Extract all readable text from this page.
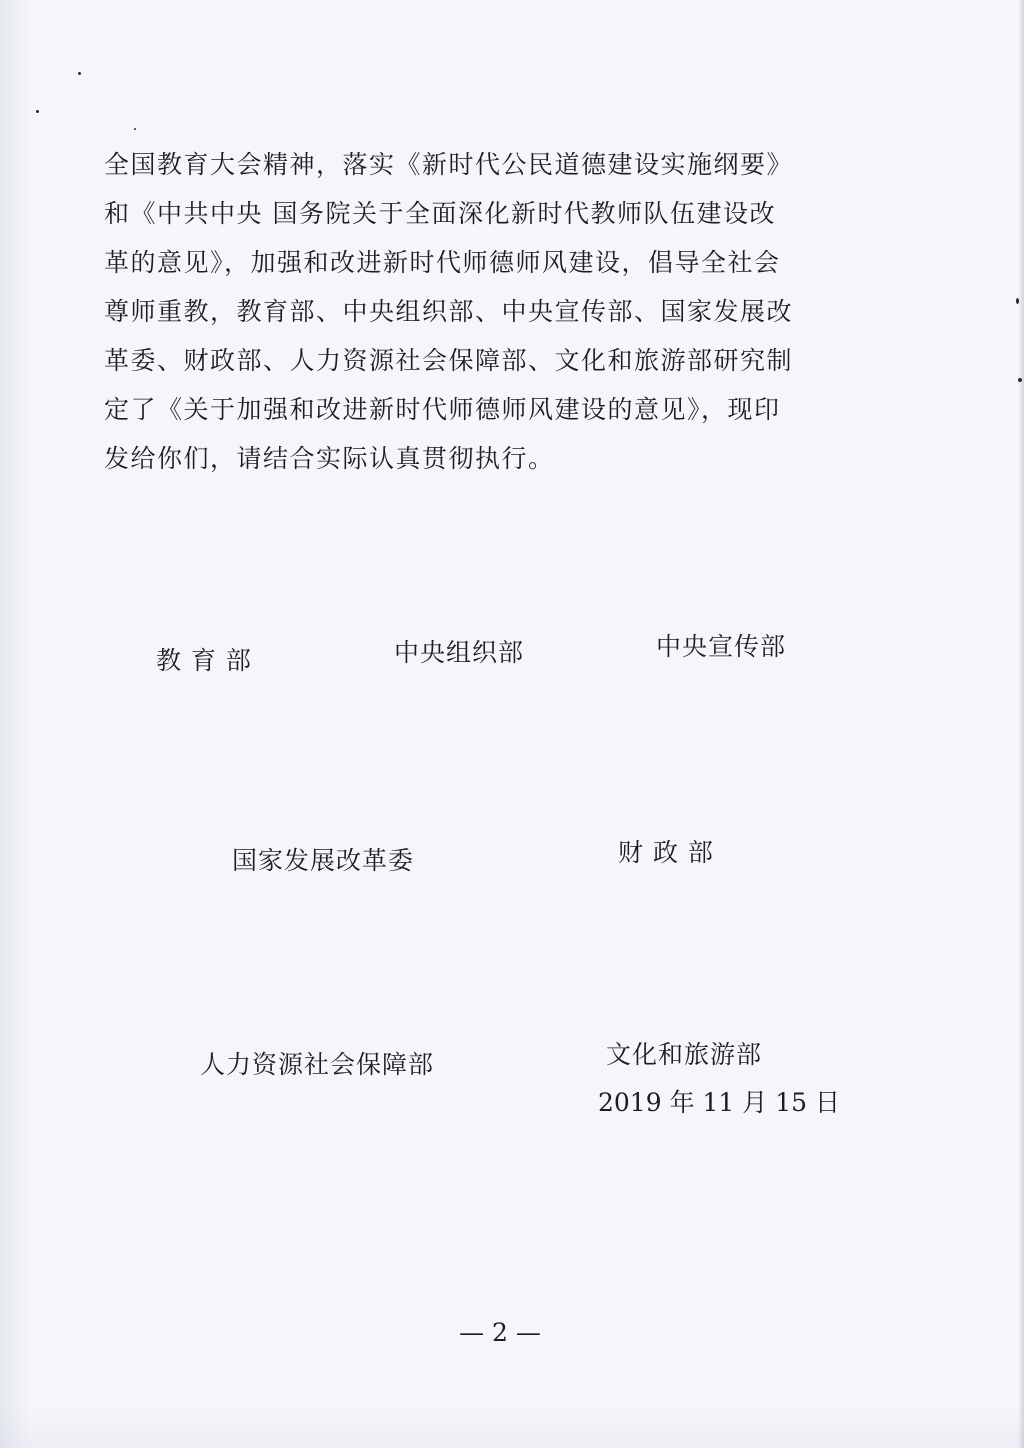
全国教育大会精神，落实《新时代公民道德建设实施纲要》
和《中共中央 国务院关于全面深化新时代教师队伍建设改
革的意见》，加强和改进新时代师德师风建设，倡导全社会
尊师重教，教育部、中央组织部、中央宣传部、国家发展改
革委、财政部、人力资源社会保障部、文化和旅游部研究制
定了《关于加强和改进新时代师德师风建设的意见》，现印
发给你们，请结合实际认真贯彻执行。
教 育 部	中央组织部	中央宣传部
国家发展改革委	财 政 部
人力资源社会保障部	文化和旅游部
2019 年 11 月 15 日
— 2 —
